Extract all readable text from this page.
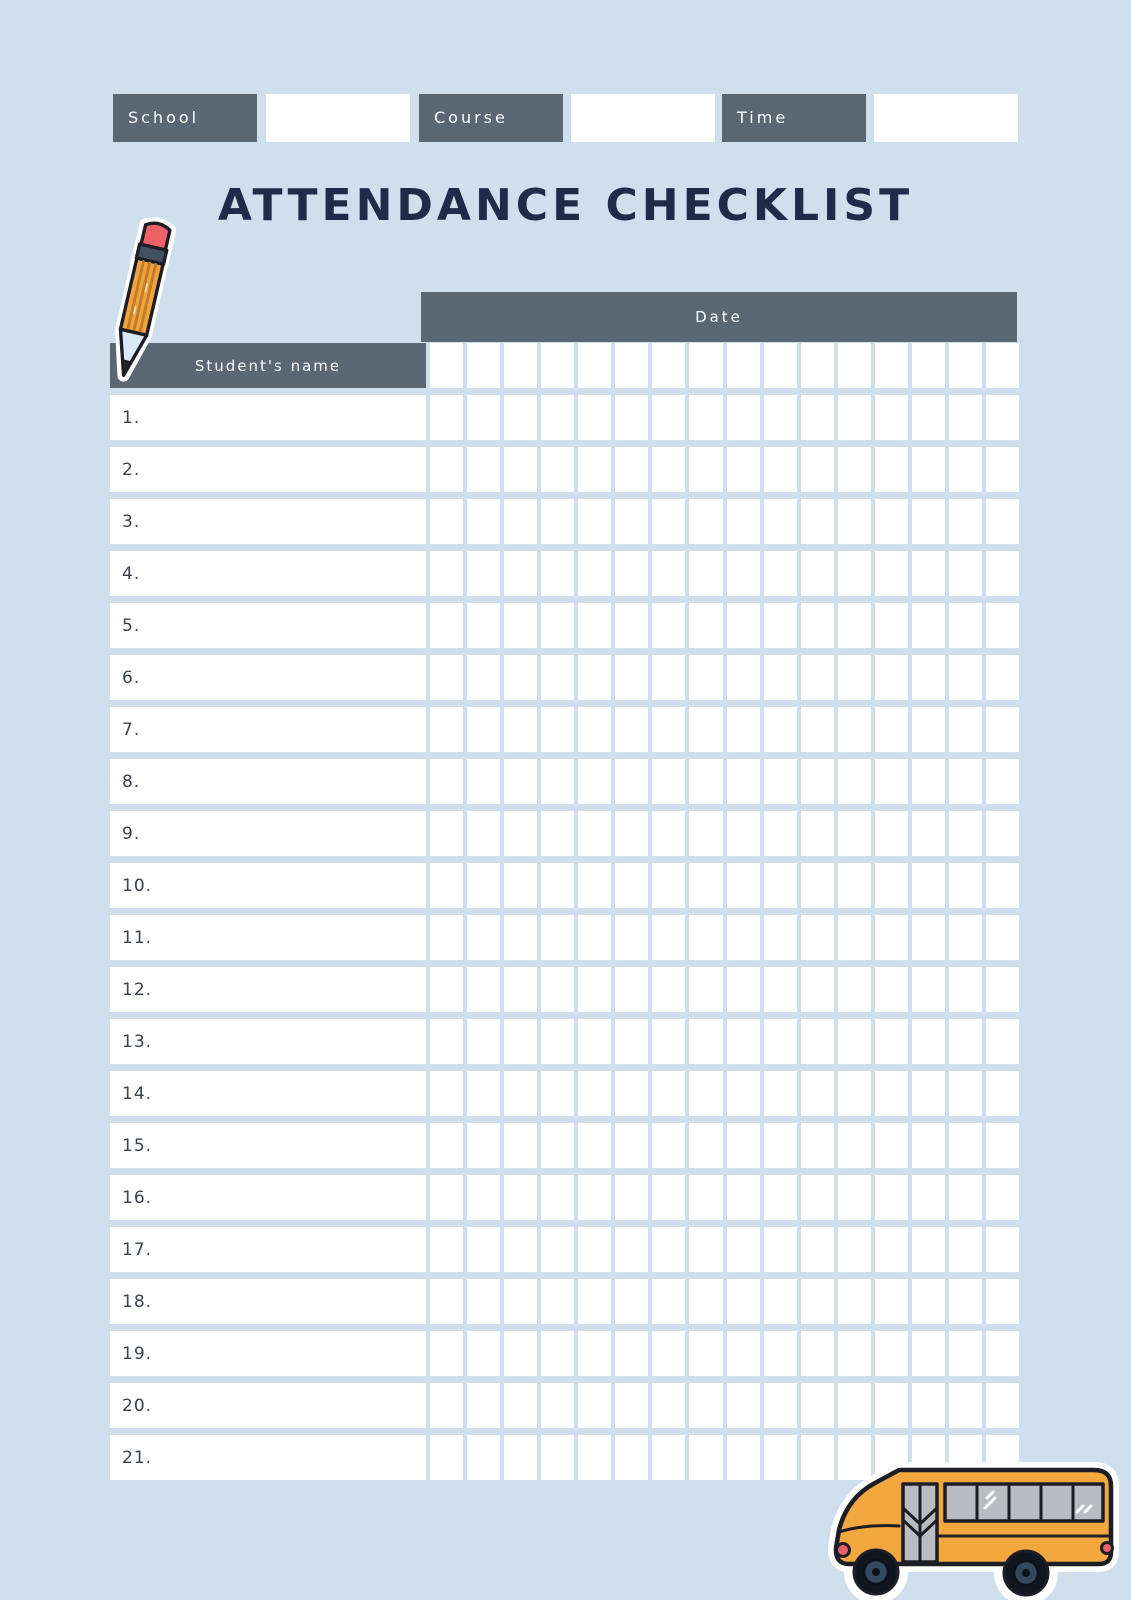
School	Course	Time
ATTENDANCE CHECKLIST
Date
Student's name
1.
2.
3.
4.
5.
6.
7.
8.
9.
10.
11.
12.
13.
14.
15.
16.
17.
18.
19.
20.
21.
